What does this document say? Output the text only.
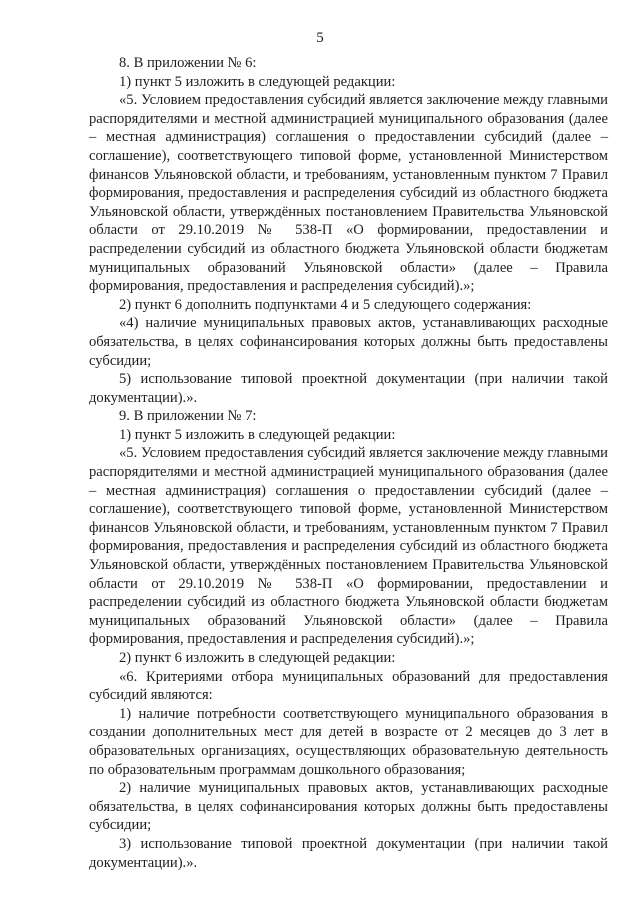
5

8. В приложении № 6:

1) пункт 5 изложить в следующей редакции:

«5. Условием предоставления субсидий является заключение между главными распорядителями и местной администрацией муниципального образования (далее – местная администрация) соглашения о предоставлении субсидий (далее – соглашение), соответствующего типовой форме, установленной Министерством финансов Ульяновской области, и требованиям, установленным пунктом 7 Правил формирования, предоставления и распределения субсидий из областного бюджета Ульяновской области, утверждённых постановлением Правительства Ульяновской области от 29.10.2019 № 538-П «О формировании, предоставлении и распределении субсидий из областного бюджета Ульяновской области бюджетам муниципальных образований Ульяновской области» (далее – Правила формирования, предоставления и распределения субсидий).»;

2) пункт 6 дополнить подпунктами 4 и 5 следующего содержания:

«4) наличие муниципальных правовых актов, устанавливающих расходные обязательства, в целях софинансирования которых должны быть предоставлены субсидии;

5) использование типовой проектной документации (при наличии такой документации).».

9. В приложении № 7:

1) пункт 5 изложить в следующей редакции:

«5. Условием предоставления субсидий является заключение между главными распорядителями и местной администрацией муниципального образования (далее – местная администрация) соглашения о предоставлении субсидий (далее – соглашение), соответствующего типовой форме, установленной Министерством финансов Ульяновской области, и требованиям, установленным пунктом 7 Правил формирования, предоставления и распределения субсидий из областного бюджета Ульяновской области, утверждённых постановлением Правительства Ульяновской области от 29.10.2019 № 538-П «О формировании, предоставлении и распределении субсидий из областного бюджета Ульяновской области бюджетам муниципальных образований Ульяновской области» (далее – Правила формирования, предоставления и распределения субсидий).»;

2) пункт 6 изложить в следующей редакции:

«6. Критериями отбора муниципальных образований для предоставления субсидий являются:

1) наличие потребности соответствующего муниципального образования в создании дополнительных мест для детей в возрасте от 2 месяцев до 3 лет в образовательных организациях, осуществляющих образовательную деятельность по образовательным программам дошкольного образования;

2) наличие муниципальных правовых актов, устанавливающих расходные обязательства, в целях софинансирования которых должны быть предоставлены субсидии;

3) использование типовой проектной документации (при наличии такой документации).».
